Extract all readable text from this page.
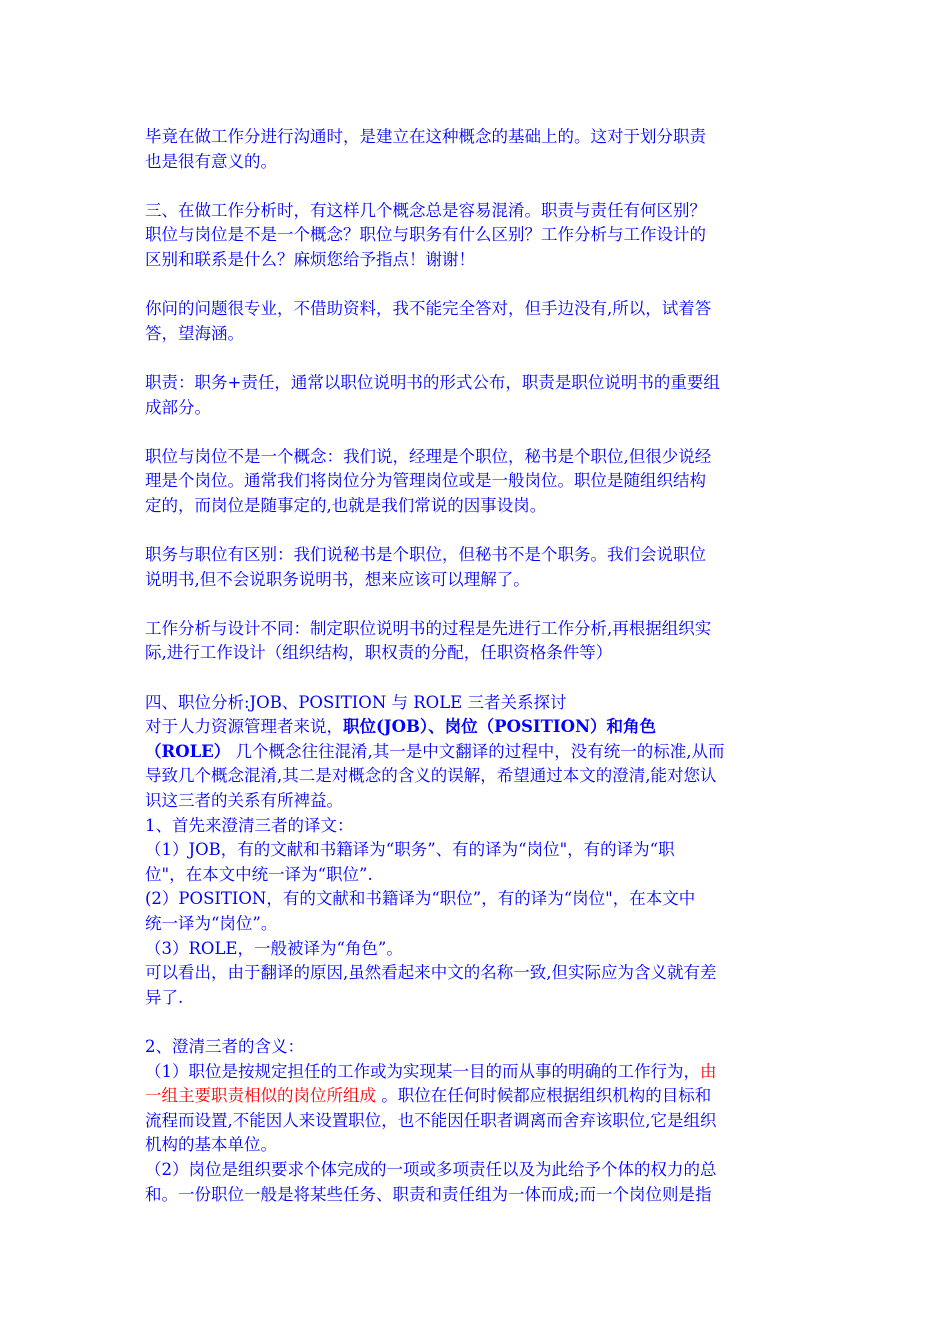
毕竟在做工作分进行沟通时，是建立在这种概念的基础上的。这对于划分职责

也是很有意义的。

三、在做工作分析时，有这样几个概念总是容易混淆。职责与责任有何区别？

职位与岗位是不是一个概念？职位与职务有什么区别？工作分析与工作设计的

区别和联系是什么？麻烦您给予指点！谢谢！

你问的问题很专业，不借助资料，我不能完全答对，但手边没有,所以，试着答

答，望海涵。

职责：职务+责任，通常以职位说明书的形式公布，职责是职位说明书的重要组

成部分。

职位与岗位不是一个概念：我们说，经理是个职位，秘书是个职位,但很少说经

理是个岗位。通常我们将岗位分为管理岗位或是一般岗位。职位是随组织结构

定的，而岗位是随事定的,也就是我们常说的因事设岗。

职务与职位有区别：我们说秘书是个职位，但秘书不是个职务。我们会说职位

说明书,但不会说职务说明书，想来应该可以理解了。

工作分析与设计不同：制定职位说明书的过程是先进行工作分析,再根据组织实

际,进行工作设计（组织结构，职权责的分配，任职资格条件等）

四、职位分析:JOB、POSITION 与 ROLE 三者关系探讨

对于人力资源管理者来说，职位(JOB）、岗位（POSITION）和角色

（ROLE） 几个概念往往混淆,其一是中文翻译的过程中，没有统一的标准,从而

导致几个概念混淆,其二是对概念的含义的误解，希望通过本文的澄清,能对您认

识这三者的关系有所裨益。

1、首先来澄清三者的译文：

（1）JOB，有的文献和书籍译为“职务”、有的译为“岗位"，有的译为“职

位"，在本文中统一译为“职位”.

(2）POSITION，有的文献和书籍译为“职位”，有的译为“岗位"，在本文中

统一译为“岗位”。

（3）ROLE，一般被译为“角色”。

可以看出，由于翻译的原因,虽然看起来中文的名称一致,但实际应为含义就有差

异了.

2、澄清三者的含义：

（1）职位是按规定担任的工作或为实现某一目的而从事的明确的工作行为，由

一组主要职责相似的岗位所组成 。职位在任何时候都应根据组织机构的目标和

流程而设置,不能因人来设置职位，也不能因任职者调离而舍弃该职位,它是组织

机构的基本单位。

（2）岗位是组织要求个体完成的一项或多项责任以及为此给予个体的权力的总

和。一份职位一般是将某些任务、职责和责任组为一体而成;而一个岗位则是指
